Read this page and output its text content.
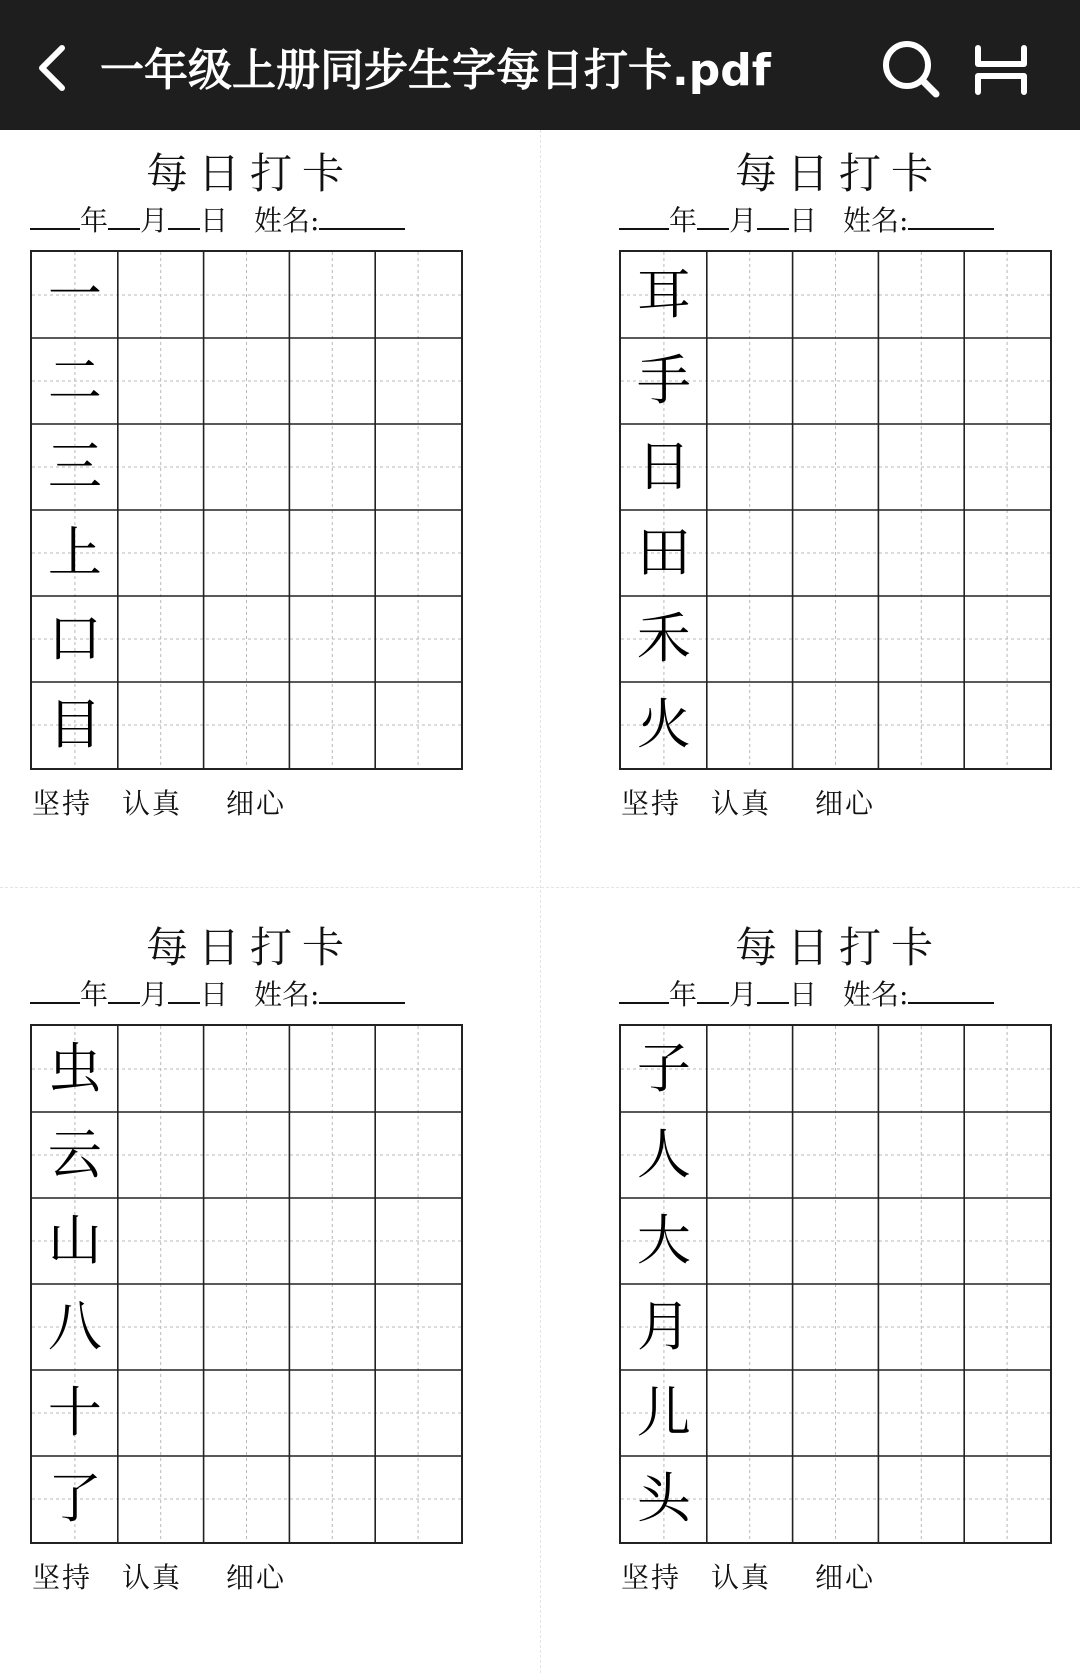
一年级上册同步生字每日打卡.pdf
每日打卡
年 月 日 姓名:
一
二
三
上
口
目
坚持 认真 细心
每日打卡
年 月 日 姓名:
耳
手
日
田
禾
火
坚持 认真 细心
每日打卡
年 月 日 姓名:
虫
云
山
八
十
了
坚持 认真 细心
每日打卡
年 月 日 姓名:
子
人
大
月
儿
头
坚持 认真 细心
